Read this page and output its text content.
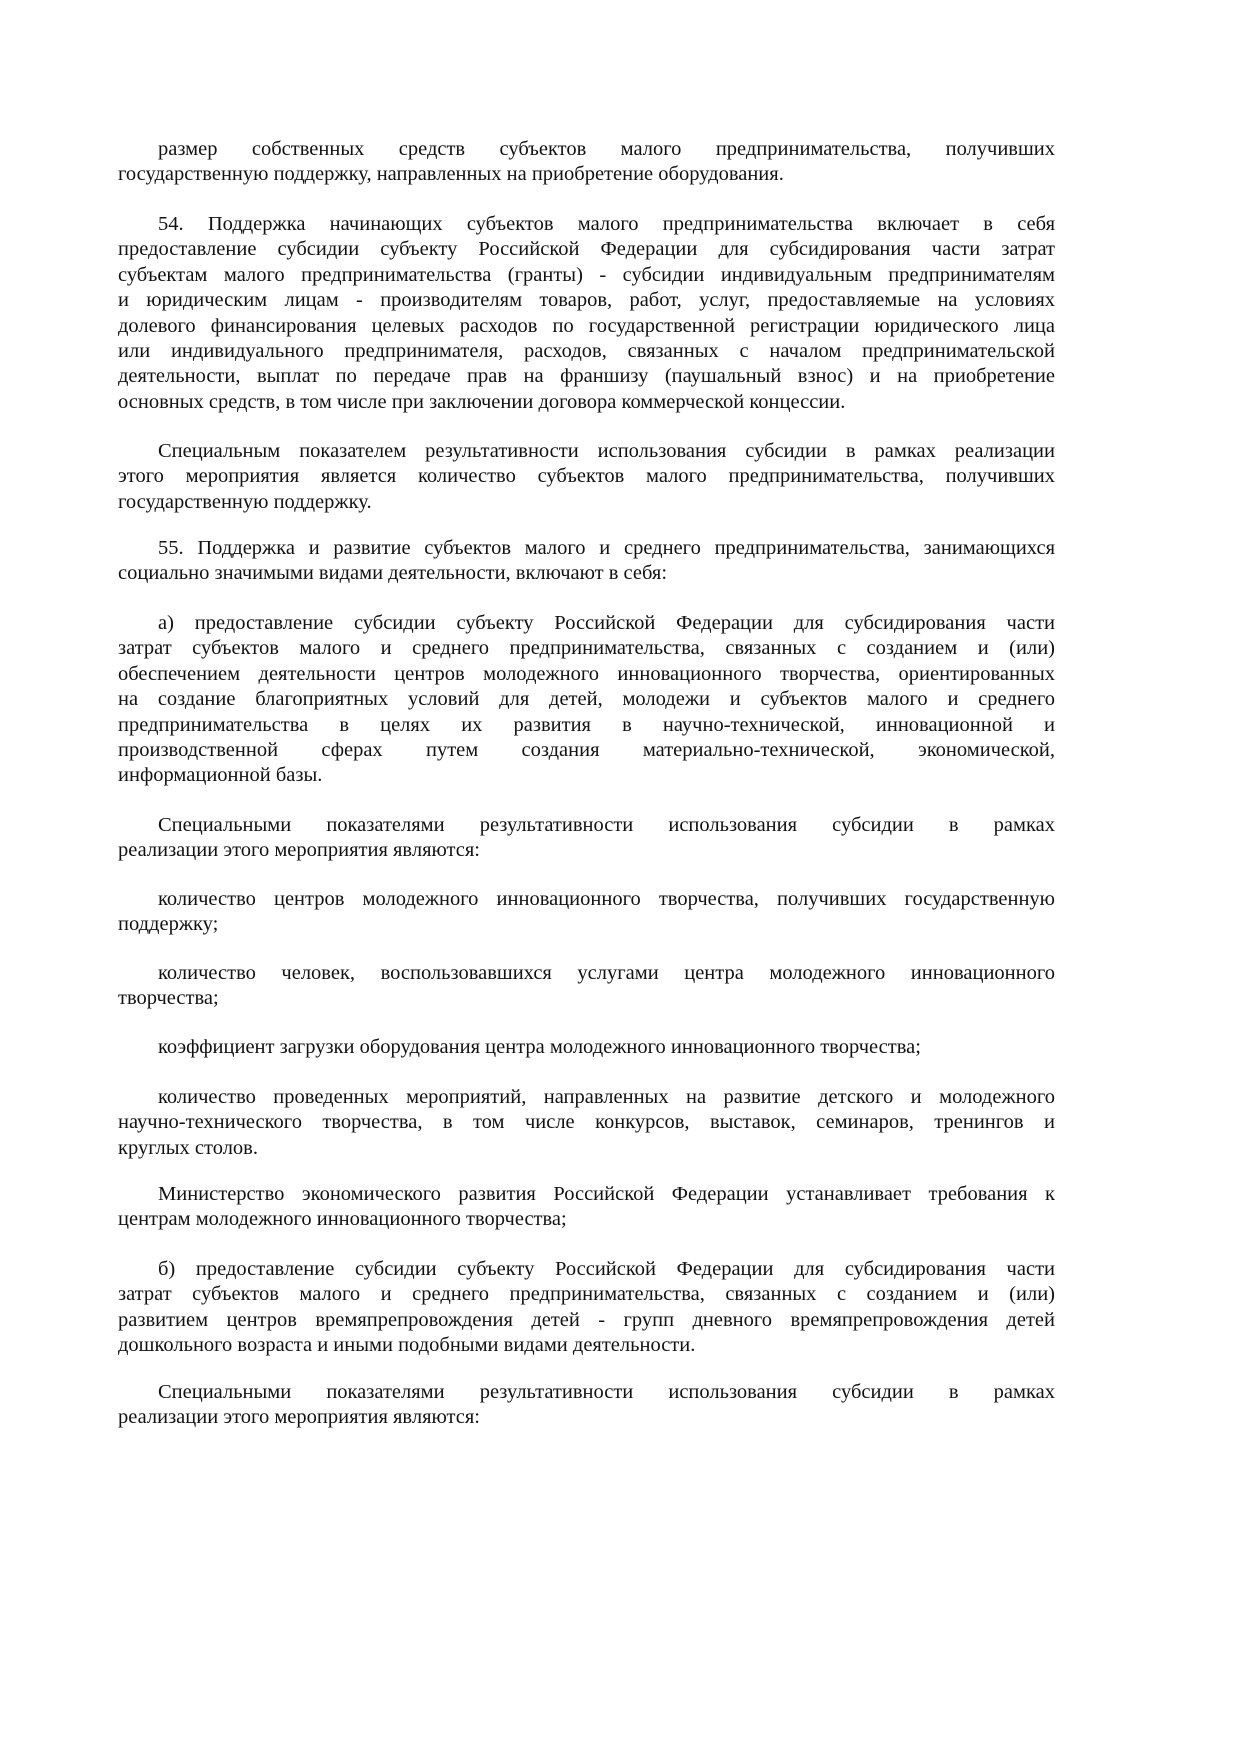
размер собственных средств субъектов малого предпринимательства, получивших
государственную поддержку, направленных на приобретение оборудования.
54. Поддержка начинающих субъектов малого предпринимательства включает в себя
предоставление субсидии субъекту Российской Федерации для субсидирования части затрат
субъектам малого предпринимательства (гранты) - субсидии индивидуальным предпринимателям
и юридическим лицам - производителям товаров, работ, услуг, предоставляемые на условиях
долевого финансирования целевых расходов по государственной регистрации юридического лица
или индивидуального предпринимателя, расходов, связанных с началом предпринимательской
деятельности, выплат по передаче прав на франшизу (паушальный взнос) и на приобретение
основных средств, в том числе при заключении договора коммерческой концессии.
Специальным показателем результативности использования субсидии в рамках реализации
этого мероприятия является количество субъектов малого предпринимательства, получивших
государственную поддержку.
55. Поддержка и развитие субъектов малого и среднего предпринимательства, занимающихся
социально значимыми видами деятельности, включают в себя:
а) предоставление субсидии субъекту Российской Федерации для субсидирования части
затрат субъектов малого и среднего предпринимательства, связанных с созданием и (или)
обеспечением деятельности центров молодежного инновационного творчества, ориентированных
на создание благоприятных условий для детей, молодежи и субъектов малого и среднего
предпринимательства в целях их развития в научно-технической, инновационной и
производственной сферах путем создания материально-технической, экономической,
информационной базы.
Специальными показателями результативности использования субсидии в рамках
реализации этого мероприятия являются:
количество центров молодежного инновационного творчества, получивших государственную
поддержку;
количество человек, воспользовавшихся услугами центра молодежного инновационного
творчества;
коэффициент загрузки оборудования центра молодежного инновационного творчества;
количество проведенных мероприятий, направленных на развитие детского и молодежного
научно-технического творчества, в том числе конкурсов, выставок, семинаров, тренингов и
круглых столов.
Министерство экономического развития Российской Федерации устанавливает требования к
центрам молодежного инновационного творчества;
б) предоставление субсидии субъекту Российской Федерации для субсидирования части
затрат субъектов малого и среднего предпринимательства, связанных с созданием и (или)
развитием центров времяпрепровождения детей - групп дневного времяпрепровождения детей
дошкольного возраста и иными подобными видами деятельности.
Специальными показателями результативности использования субсидии в рамках
реализации этого мероприятия являются:
